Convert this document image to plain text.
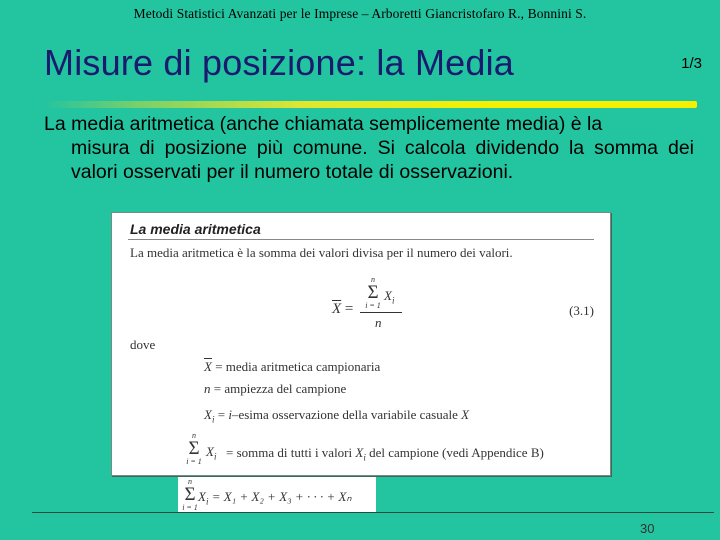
Metodi Statistici Avanzati per le Imprese – Arboretti Giancristofaro R., Bonnini S.
Misure di posizione: la Media	1/3
La media aritmetica (anche chiamata semplicemente media) è la
misura di posizione più comune. Si calcola dividendo la somma dei valori osservati per il numero totale di osservazioni.
La media aritmetica
La media aritmetica è la somma dei valori divisa per il numero dei valori.
$\overline{X}$ =
n
Σ
i = 1
$X_i$
n
(3.1)
dove
$\overline{X}$ = media aritmetica campionaria
n = ampiezza del campione
$X_i$ = i–esima osservazione della variabile casuale X
n
Σ
i = 1
$X_i$ = somma di tutti i valori $X_i$ del campione (vedi Appendice B)
n
Σ
i = 1
$X_i = X_1 + X_2 + X_3$ + · · · + Xₙ
30
